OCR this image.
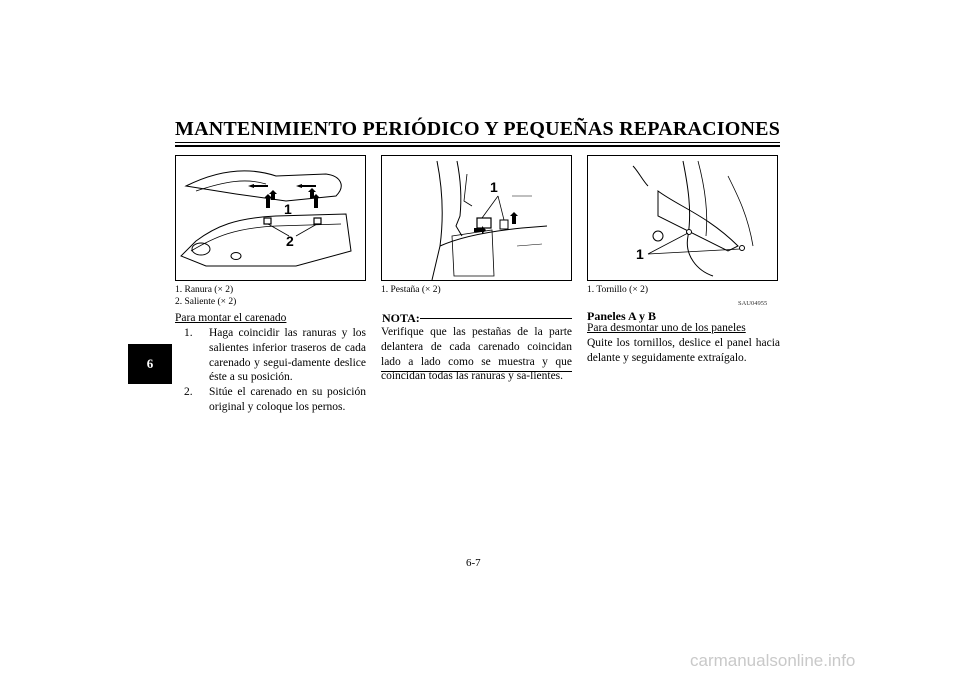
MANTENIMIENTO PERIÓDICO Y PEQUEÑAS REPARACIONES
6
1
2
1. Ranura (× 2)
2. Saliente (× 2)
1
1. Pestaña (× 2)
1
1. Tornillo (× 2)
Para montar el carenado
1. Haga coincidir las ranuras y los salientes inferior traseros de cada carenado y segui-damente deslice éste a su posición.
2. Sitúe el carenado en su posición original y coloque los pernos.
NOTA:
Verifique que las pestañas de la parte delantera de cada carenado coincidan lado a lado como se muestra y que coincidan todas las ranuras y sa-lientes.
SAU04955
Paneles A y B
Para desmontar uno de los paneles
Quite los tornillos, deslice el panel hacia delante y seguidamente extraígalo.
6-7
carmanualsonline.info
